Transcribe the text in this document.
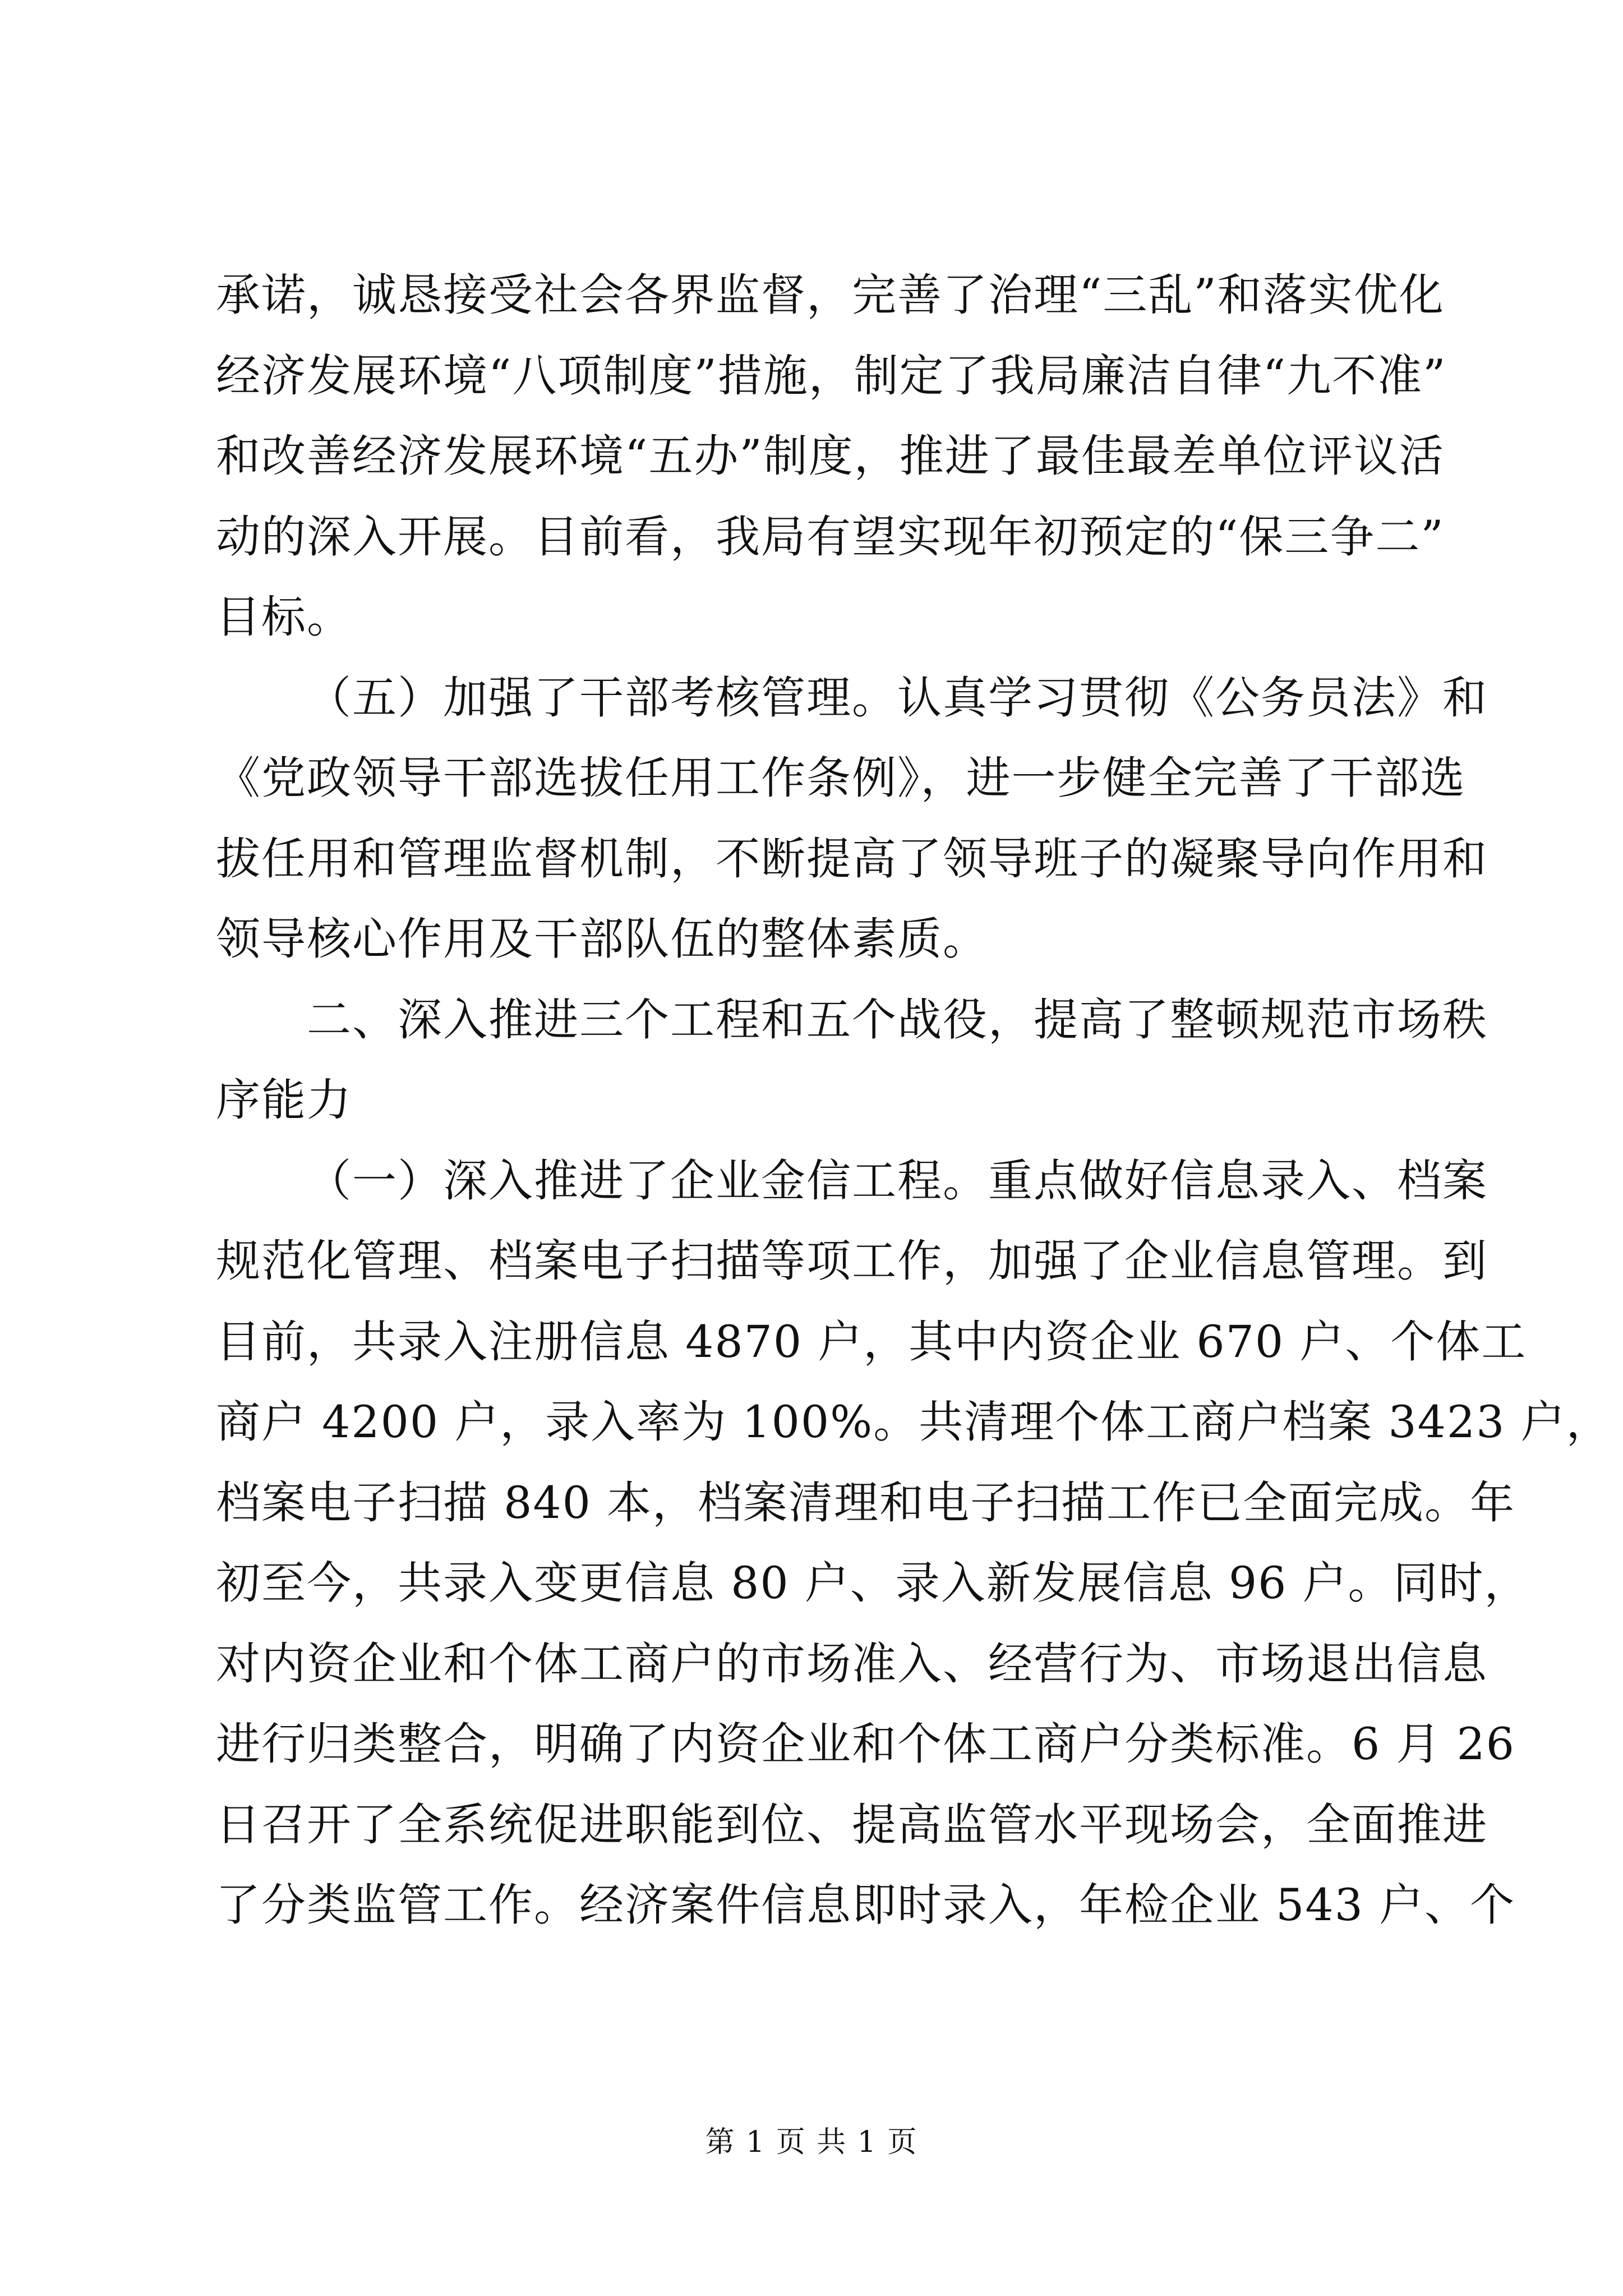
承诺，诚恳接受社会各界监督，完善了治理“三乱”和落实优化
经济发展环境“八项制度”措施，制定了我局廉洁自律“九不准”
和改善经济发展环境“五办”制度，推进了最佳最差单位评议活
动的深入开展。目前看，我局有望实现年初预定的“保三争二”
目标。
（五）加强了干部考核管理。认真学习贯彻《公务员法》和
《党政领导干部选拔任用工作条例》，进一步健全完善了干部选
拔任用和管理监督机制，不断提高了领导班子的凝聚导向作用和
领导核心作用及干部队伍的整体素质。
二、深入推进三个工程和五个战役，提高了整顿规范市场秩
序能力
（一）深入推进了企业金信工程。重点做好信息录入、档案
规范化管理、档案电子扫描等项工作，加强了企业信息管理。到
目前，共录入注册信息 4870 户，其中内资企业 670 户、个体工
商户 4200 户，录入率为 100%。共清理个体工商户档案 3423 户，
档案电子扫描 840 本，档案清理和电子扫描工作已全面完成。年
初至今，共录入变更信息 80 户、录入新发展信息 96 户。同时，
对内资企业和个体工商户的市场准入、经营行为、市场退出信息
进行归类整合，明确了内资企业和个体工商户分类标准。6 月 26
日召开了全系统促进职能到位、提高监管水平现场会，全面推进
了分类监管工作。经济案件信息即时录入，年检企业 543 户、个
第 1 页 共 1 页
